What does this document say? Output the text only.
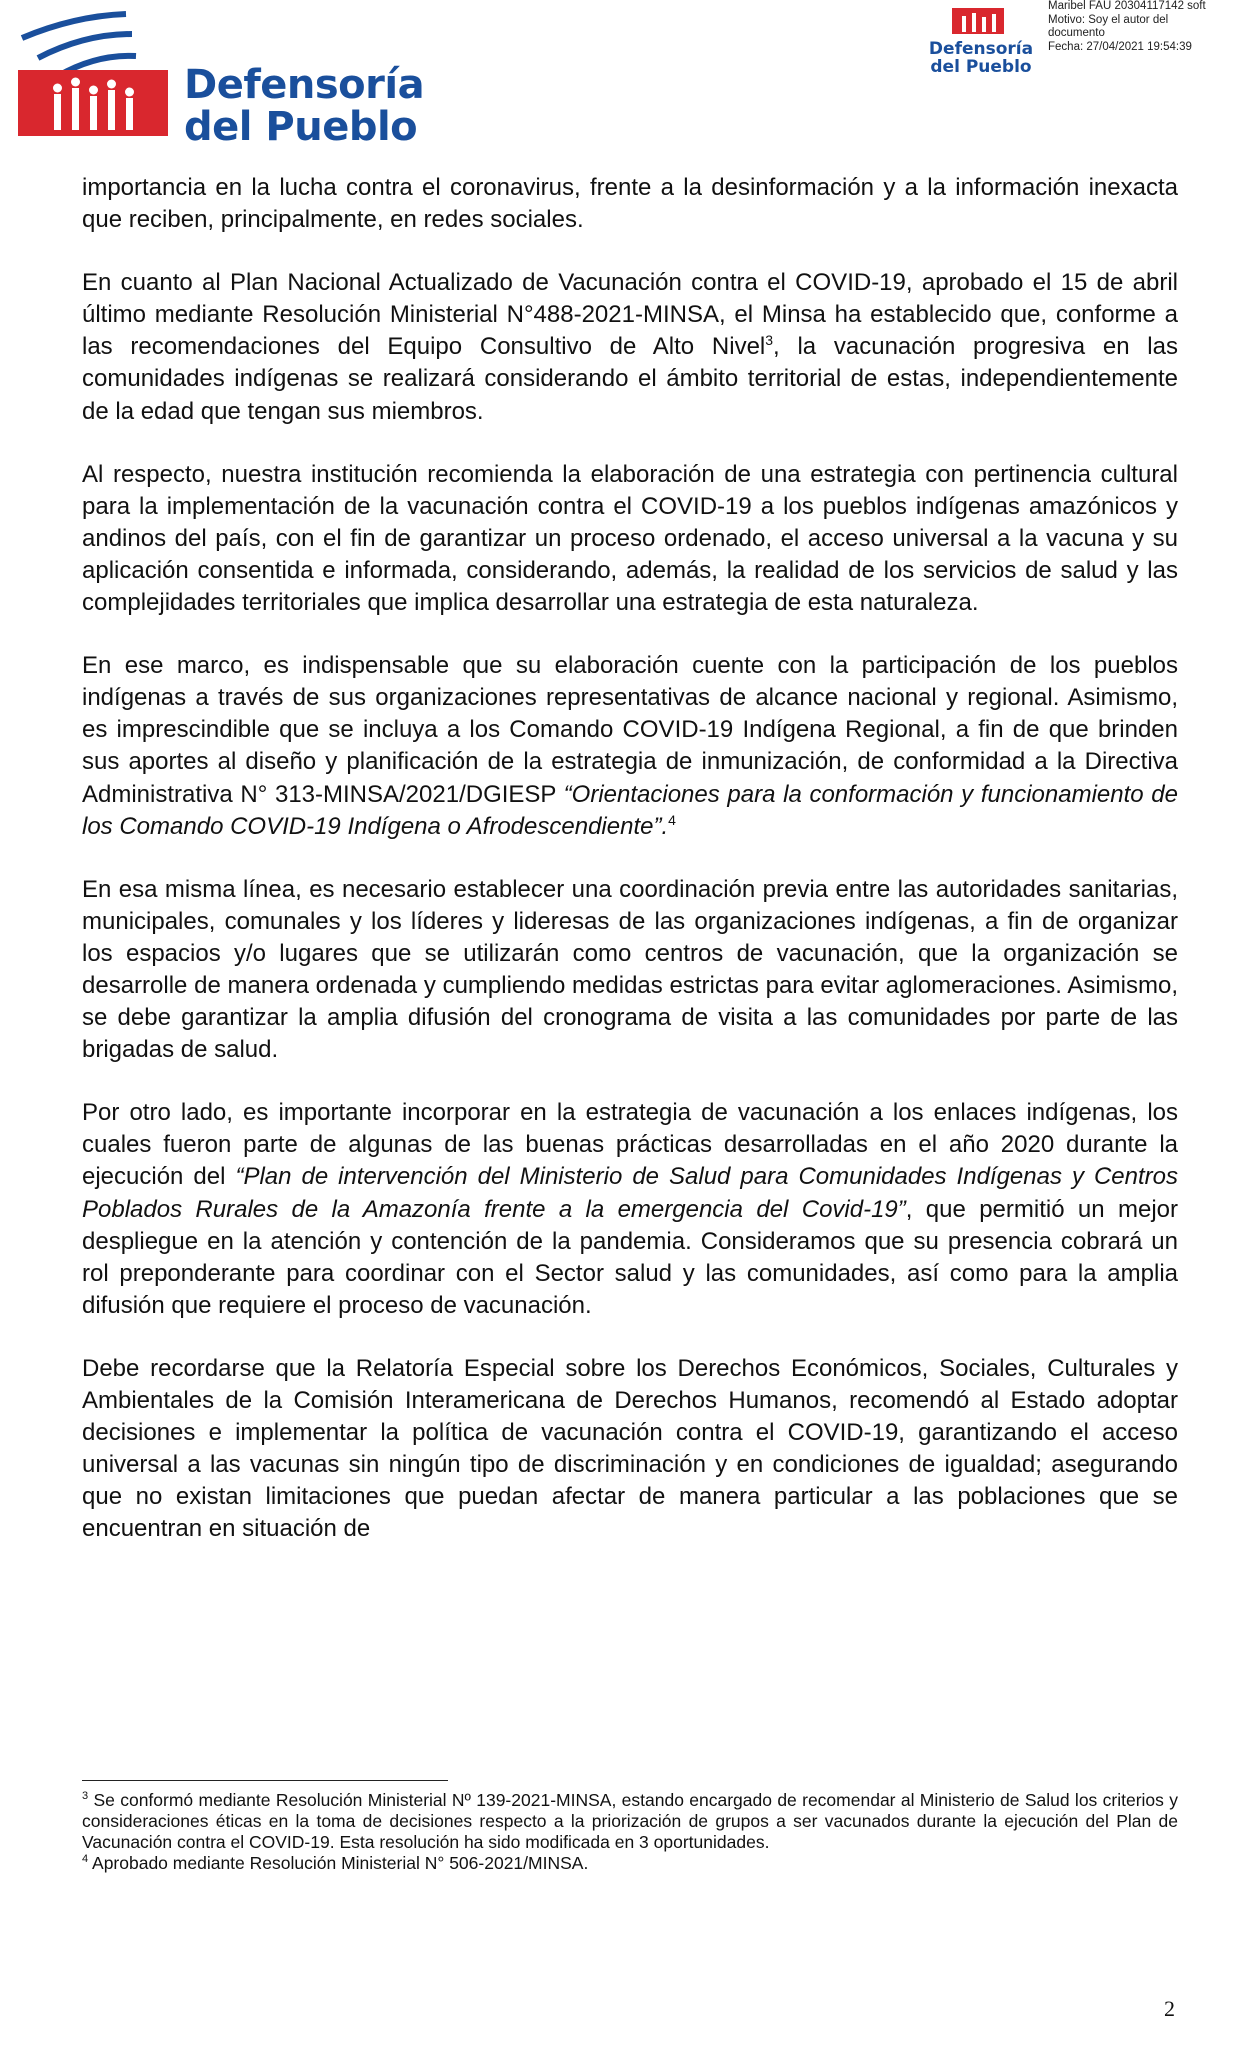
Defensoría
del Pueblo
Defensoría
del Pueblo
Maribel FAU 20304117142 soft
Motivo: Soy el autor del
documento
Fecha: 27/04/2021 19:54:39

importancia en la lucha contra el coronavirus, frente a la desinformación y a la información inexacta que reciben, principalmente, en redes sociales.

En cuanto al Plan Nacional Actualizado de Vacunación contra el COVID-19, aprobado el 15 de abril último mediante Resolución Ministerial N°488-2021-MINSA, el Minsa ha establecido que, conforme a las recomendaciones del Equipo Consultivo de Alto Nivel$^3$, la vacunación progresiva en las comunidades indígenas se realizará considerando el ámbito territorial de estas, independientemente de la edad que tengan sus miembros.

Al respecto, nuestra institución recomienda la elaboración de una estrategia con pertinencia cultural para la implementación de la vacunación contra el COVID-19 a los pueblos indígenas amazónicos y andinos del país, con el fin de garantizar un proceso ordenado, el acceso universal a la vacuna y su aplicación consentida e informada, considerando, además, la realidad de los servicios de salud y las complejidades territoriales que implica desarrollar una estrategia de esta naturaleza.

En ese marco, es indispensable que su elaboración cuente con la participación de los pueblos indígenas a través de sus organizaciones representativas de alcance nacional y regional. Asimismo, es imprescindible que se incluya a los Comando COVID-19 Indígena Regional, a fin de que brinden sus aportes al diseño y planificación de la estrategia de inmunización, de conformidad a la Directiva Administrativa N° 313-MINSA/2021/DGIESP “Orientaciones para la conformación y funcionamiento de los Comando COVID-19 Indígena o Afrodescendiente”.$^4$

En esa misma línea, es necesario establecer una coordinación previa entre las autoridades sanitarias, municipales, comunales y los líderes y lideresas de las organizaciones indígenas, a fin de organizar los espacios y/o lugares que se utilizarán como centros de vacunación, que la organización se desarrolle de manera ordenada y cumpliendo medidas estrictas para evitar aglomeraciones. Asimismo, se debe garantizar la amplia difusión del cronograma de visita a las comunidades por parte de las brigadas de salud.

Por otro lado, es importante incorporar en la estrategia de vacunación a los enlaces indígenas, los cuales fueron parte de algunas de las buenas prácticas desarrolladas en el año 2020 durante la ejecución del “Plan de intervención del Ministerio de Salud para Comunidades Indígenas y Centros Poblados Rurales de la Amazonía frente a la emergencia del Covid-19”, que permitió un mejor despliegue en la atención y contención de la pandemia. Consideramos que su presencia cobrará un rol preponderante para coordinar con el Sector salud y las comunidades, así como para la amplia difusión que requiere el proceso de vacunación.

Debe recordarse que la Relatoría Especial sobre los Derechos Económicos, Sociales, Culturales y Ambientales de la Comisión Interamericana de Derechos Humanos, recomendó al Estado adoptar decisiones e implementar la política de vacunación contra el COVID-19, garantizando el acceso universal a las vacunas sin ningún tipo de discriminación y en condiciones de igualdad; asegurando que no existan limitaciones que puedan afectar de manera particular a las poblaciones que se encuentran en situación de

$^3$ Se conformó mediante Resolución Ministerial Nº 139-2021-MINSA, estando encargado de recomendar al Ministerio de Salud los criterios y consideraciones éticas en la toma de decisiones respecto a la priorización de grupos a ser vacunados durante la ejecución del Plan de Vacunación contra el COVID-19. Esta resolución ha sido modificada en 3 oportunidades.

$^4$ Aprobado mediante Resolución Ministerial N° 506-2021/MINSA.

2
